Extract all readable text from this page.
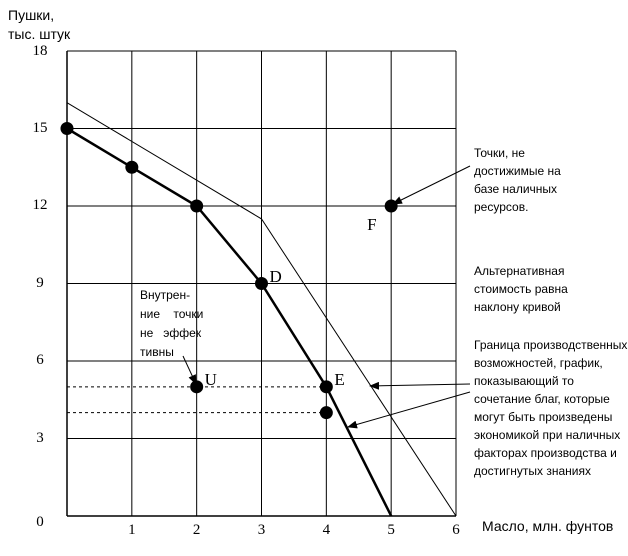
Пушки,
тыс. штук
Масло, млн. фунтов
0
3
6
9
12
15
18
1	2	3	4	5	6
D
E
U
F
Точки, не
достижимые на
базе наличных
ресурсов.
Альтернативная
стоимость равна
наклону кривой
Внутрен-
ние    точки
не   эффек
тивны	Граница производственных
возможностей, график,
показывающий то
сочетание благ, которые
могут быть произведены
экономикой при наличных
факторах производства и
достигнутых знаниях
